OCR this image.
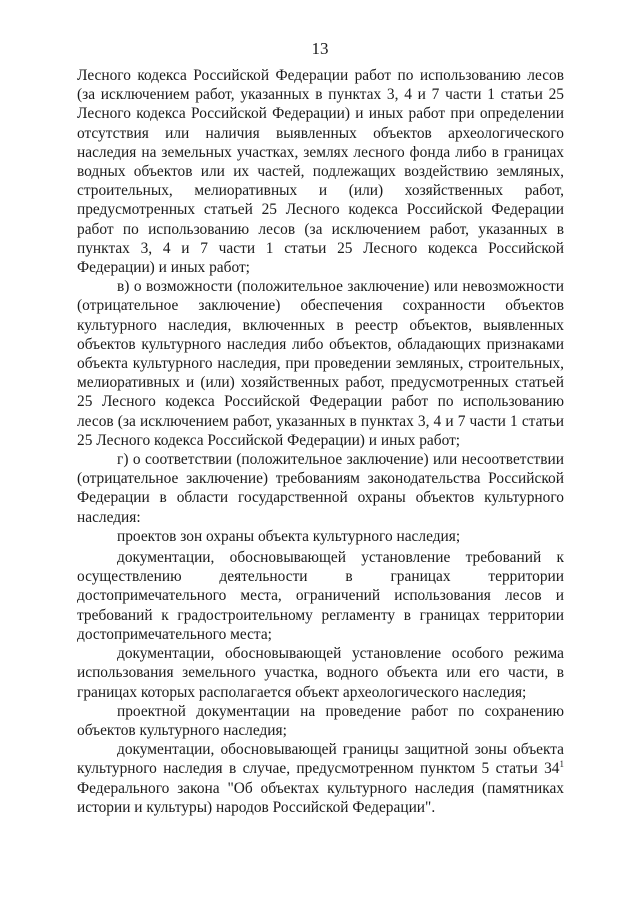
13

Лесного кодекса Российской Федерации работ по использованию лесов (за исключением работ, указанных в пунктах 3, 4 и 7 части 1 статьи 25 Лесного кодекса Российской Федерации) и иных работ при определении отсутствия или наличия выявленных объектов археологического наследия на земельных участках, землях лесного фонда либо в границах водных объектов или их частей, подлежащих воздействию земляных, строительных, мелиоративных и (или) хозяйственных работ, предусмотренных статьей 25 Лесного кодекса Российской Федерации работ по использованию лесов (за исключением работ, указанных в пунктах 3, 4 и 7 части 1 статьи 25 Лесного кодекса Российской Федерации) и иных работ;

в) о возможности (положительное заключение) или невозможности (отрицательное заключение) обеспечения сохранности объектов культурного наследия, включенных в реестр объектов, выявленных объектов культурного наследия либо объектов, обладающих признаками объекта культурного наследия, при проведении земляных, строительных, мелиоративных и (или) хозяйственных работ, предусмотренных статьей 25 Лесного кодекса Российской Федерации работ по использованию лесов (за исключением работ, указанных в пунктах 3, 4 и 7 части 1 статьи 25 Лесного кодекса Российской Федерации) и иных работ;

г) о соответствии (положительное заключение) или несоответствии (отрицательное заключение) требованиям законодательства Российской Федерации в области государственной охраны объектов культурного наследия:

проектов зон охраны объекта культурного наследия;

документации, обосновывающей установление требований к осуществлению деятельности в границах территории достопримечательного места, ограничений использования лесов и требований к градостроительному регламенту в границах территории достопримечательного места;

документации, обосновывающей установление особого режима использования земельного участка, водного объекта или его части, в границах которых располагается объект археологического наследия;

проектной документации на проведение работ по сохранению объектов культурного наследия;

документации, обосновывающей границы защитной зоны объекта культурного наследия в случае, предусмотренном пунктом 5 статьи $34^1$ Федерального закона "Об объектах культурного наследия (памятниках истории и культуры) народов Российской Федерации".
